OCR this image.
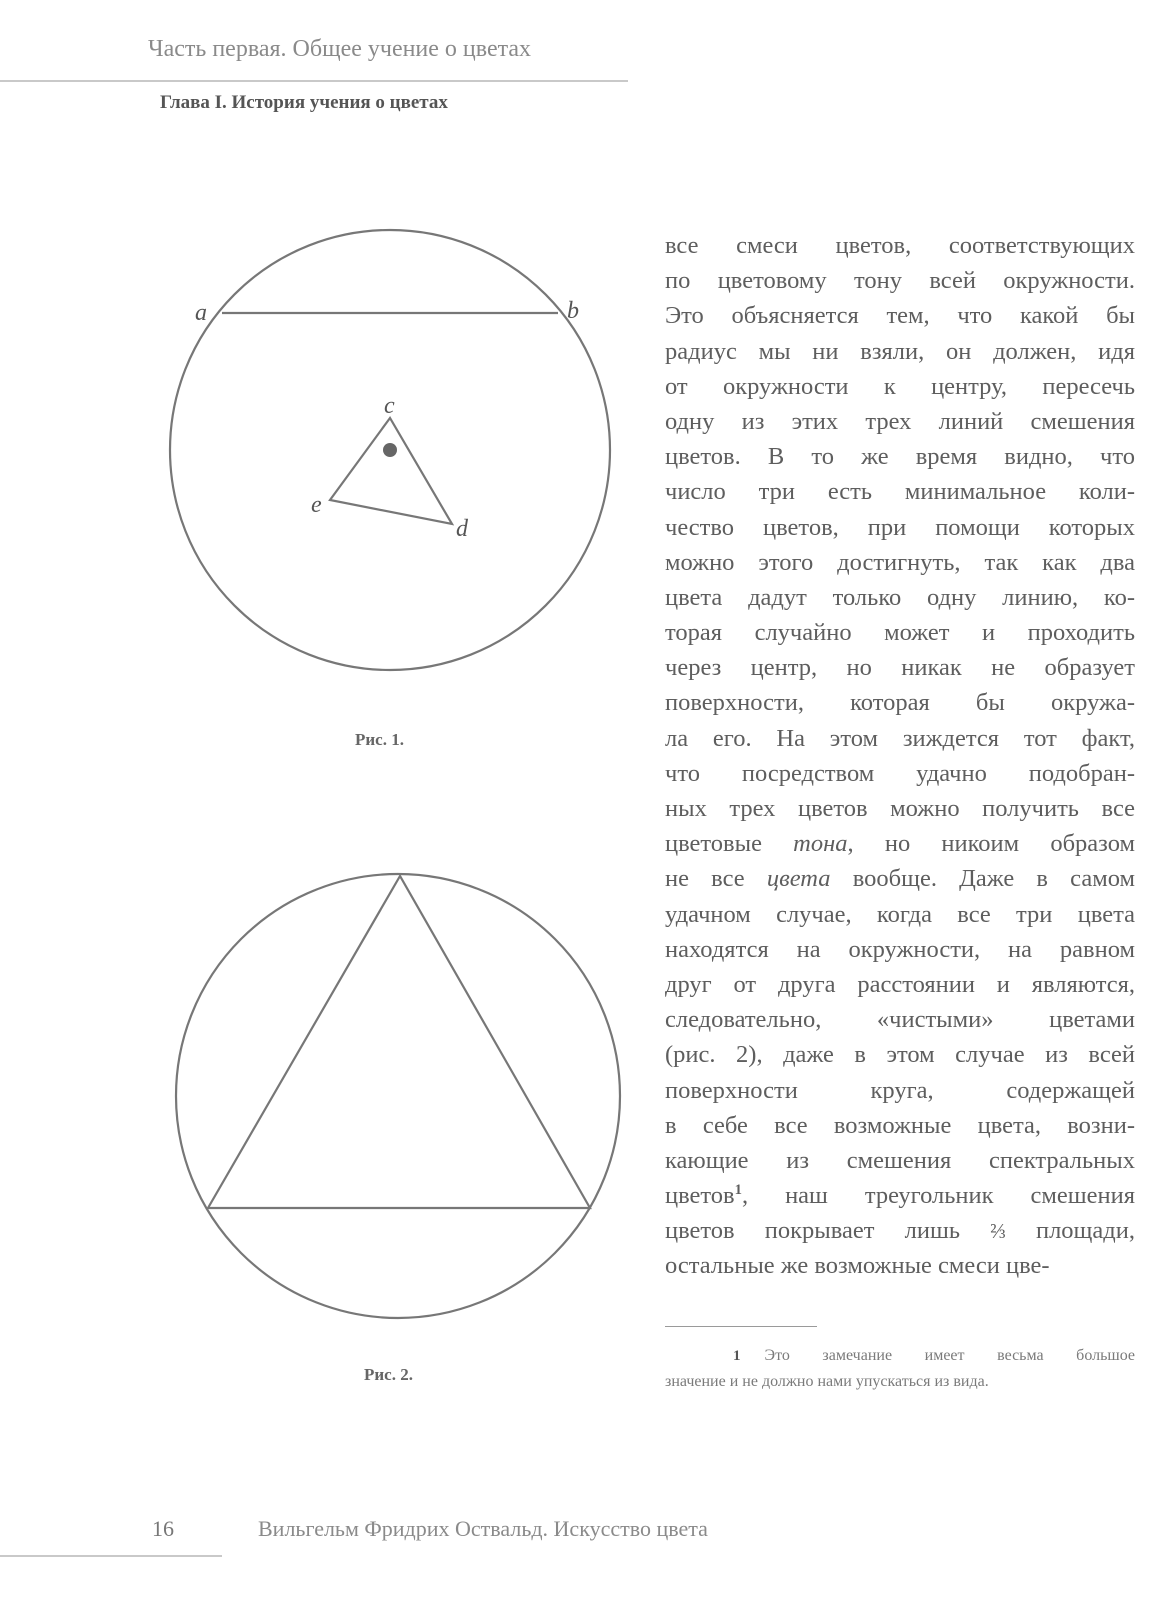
Часть первая. Общее учение о цветах
Глава I. История учения о цветах
a	b
c
e
d
Рис. 1.
Рис. 2.
все смеси цветов, соответствующих
по цветовому тону всей окружности.
Это объясняется тем, что какой бы
радиус мы ни взяли, он должен, идя
от окружности к центру, пересечь
одну из этих трех линий смешения
цветов. В то же время видно, что
число три есть минимальное коли-
чество цветов, при помощи которых
можно этого достигнуть, так как два
цвета дадут только одну линию, ко-
торая случайно может и проходить
через центр, но никак не образует
поверхности, которая бы окружа-
ла его. На этом зиждется тот факт,
что посредством удачно подобран-
ных трех цветов можно получить все
цветовые тона, но никоим образом
не все цвета вообще. Даже в самом
удачном случае, когда все три цвета
находятся на окружности, на равном
друг от друга расстоянии и являются,
следовательно, «чистыми» цветами
(рис. 2), даже в этом случае из всей
поверхности круга, содержащей
в себе все возможные цвета, возни-
кающие из смешения спектральных
цветов$^1$, наш треугольник смешения
цветов покрывает лишь ⅔ площади,
остальные же возможные смеси цве-
1 Это замечание имеет весьма большое
значение и не должно нами упускаться из вида.
16	Вильгельм Фридрих Оствальд. Искусство цвета
